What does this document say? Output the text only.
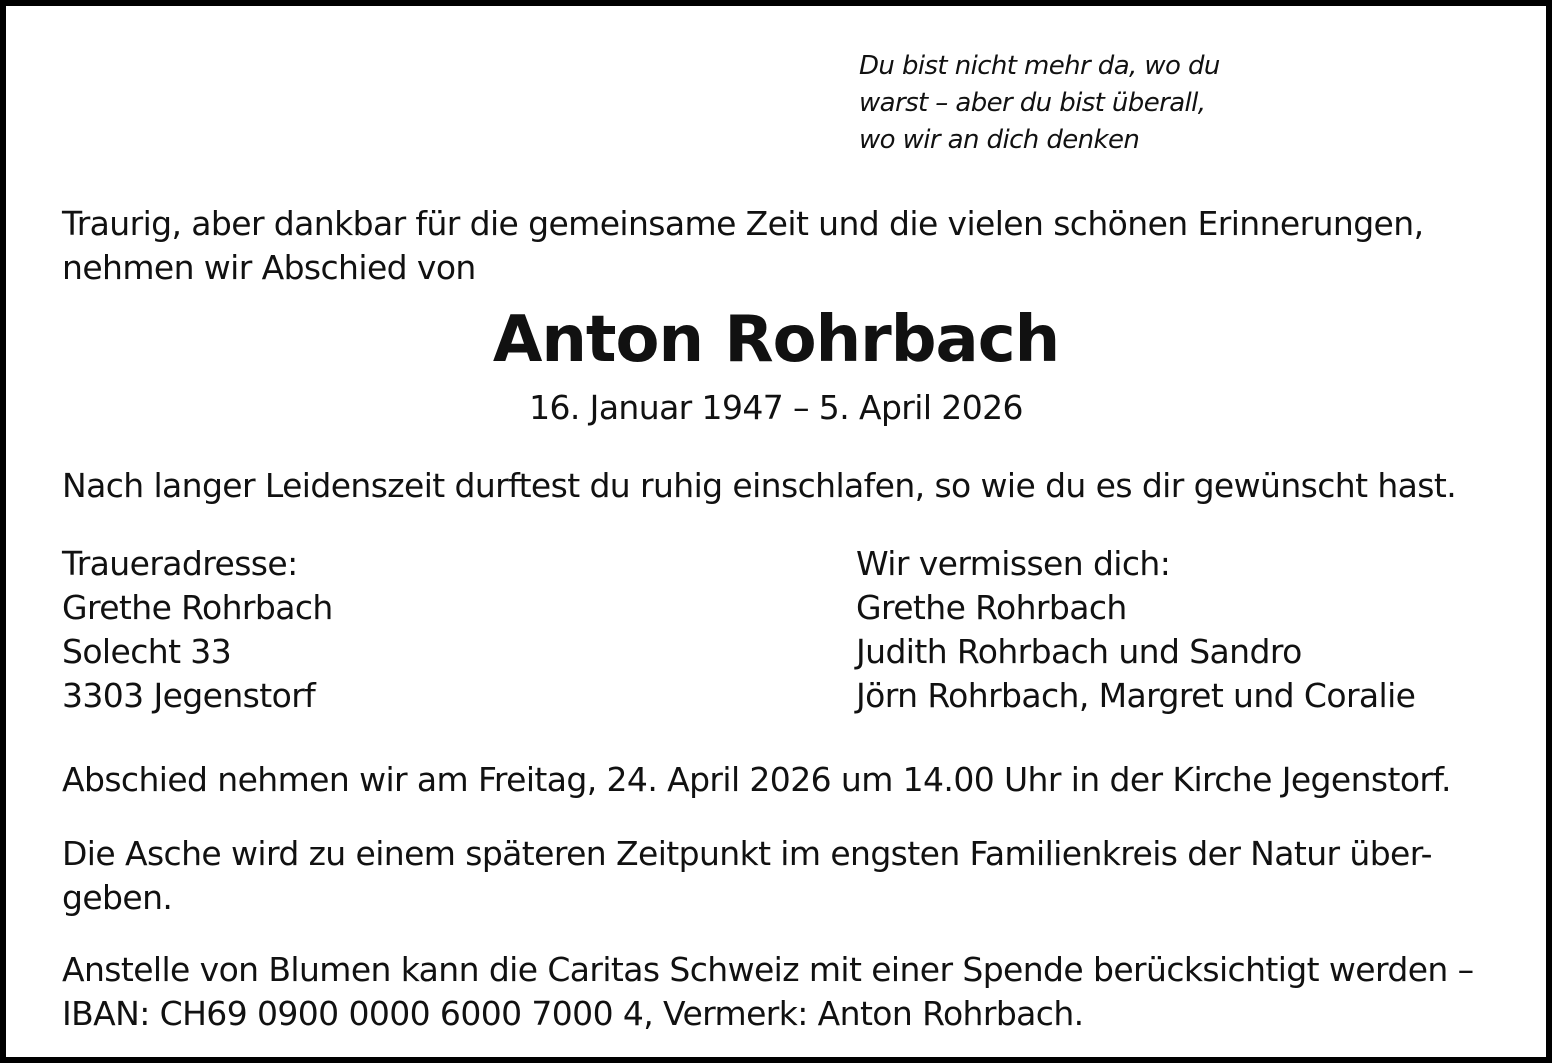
Du bist nicht mehr da, wo du
warst – aber du bist überall,
wo wir an dich denken
Traurig, aber dankbar für die gemeinsame Zeit und die vielen schönen Erinnerungen,
nehmen wir Abschied von
Anton Rohrbach
16. Januar 1947 – 5. April 2026
Nach langer Leidenszeit durftest du ruhig einschlafen, so wie du es dir gewünscht hast.
Traueradresse:
Grethe Rohrbach
Solecht 33
3303 Jegenstorf
Wir vermissen dich:
Grethe Rohrbach
Judith Rohrbach und Sandro
Jörn Rohrbach, Margret und Coralie
Abschied nehmen wir am Freitag, 24. April 2026 um 14.00 Uhr in der Kirche Jegenstorf.
Die Asche wird zu einem späteren Zeitpunkt im engsten Familienkreis der Natur über-
geben.
Anstelle von Blumen kann die Caritas Schweiz mit einer Spende berücksichtigt werden –
IBAN: CH69 0900 0000 6000 7000 4, Vermerk: Anton Rohrbach.
